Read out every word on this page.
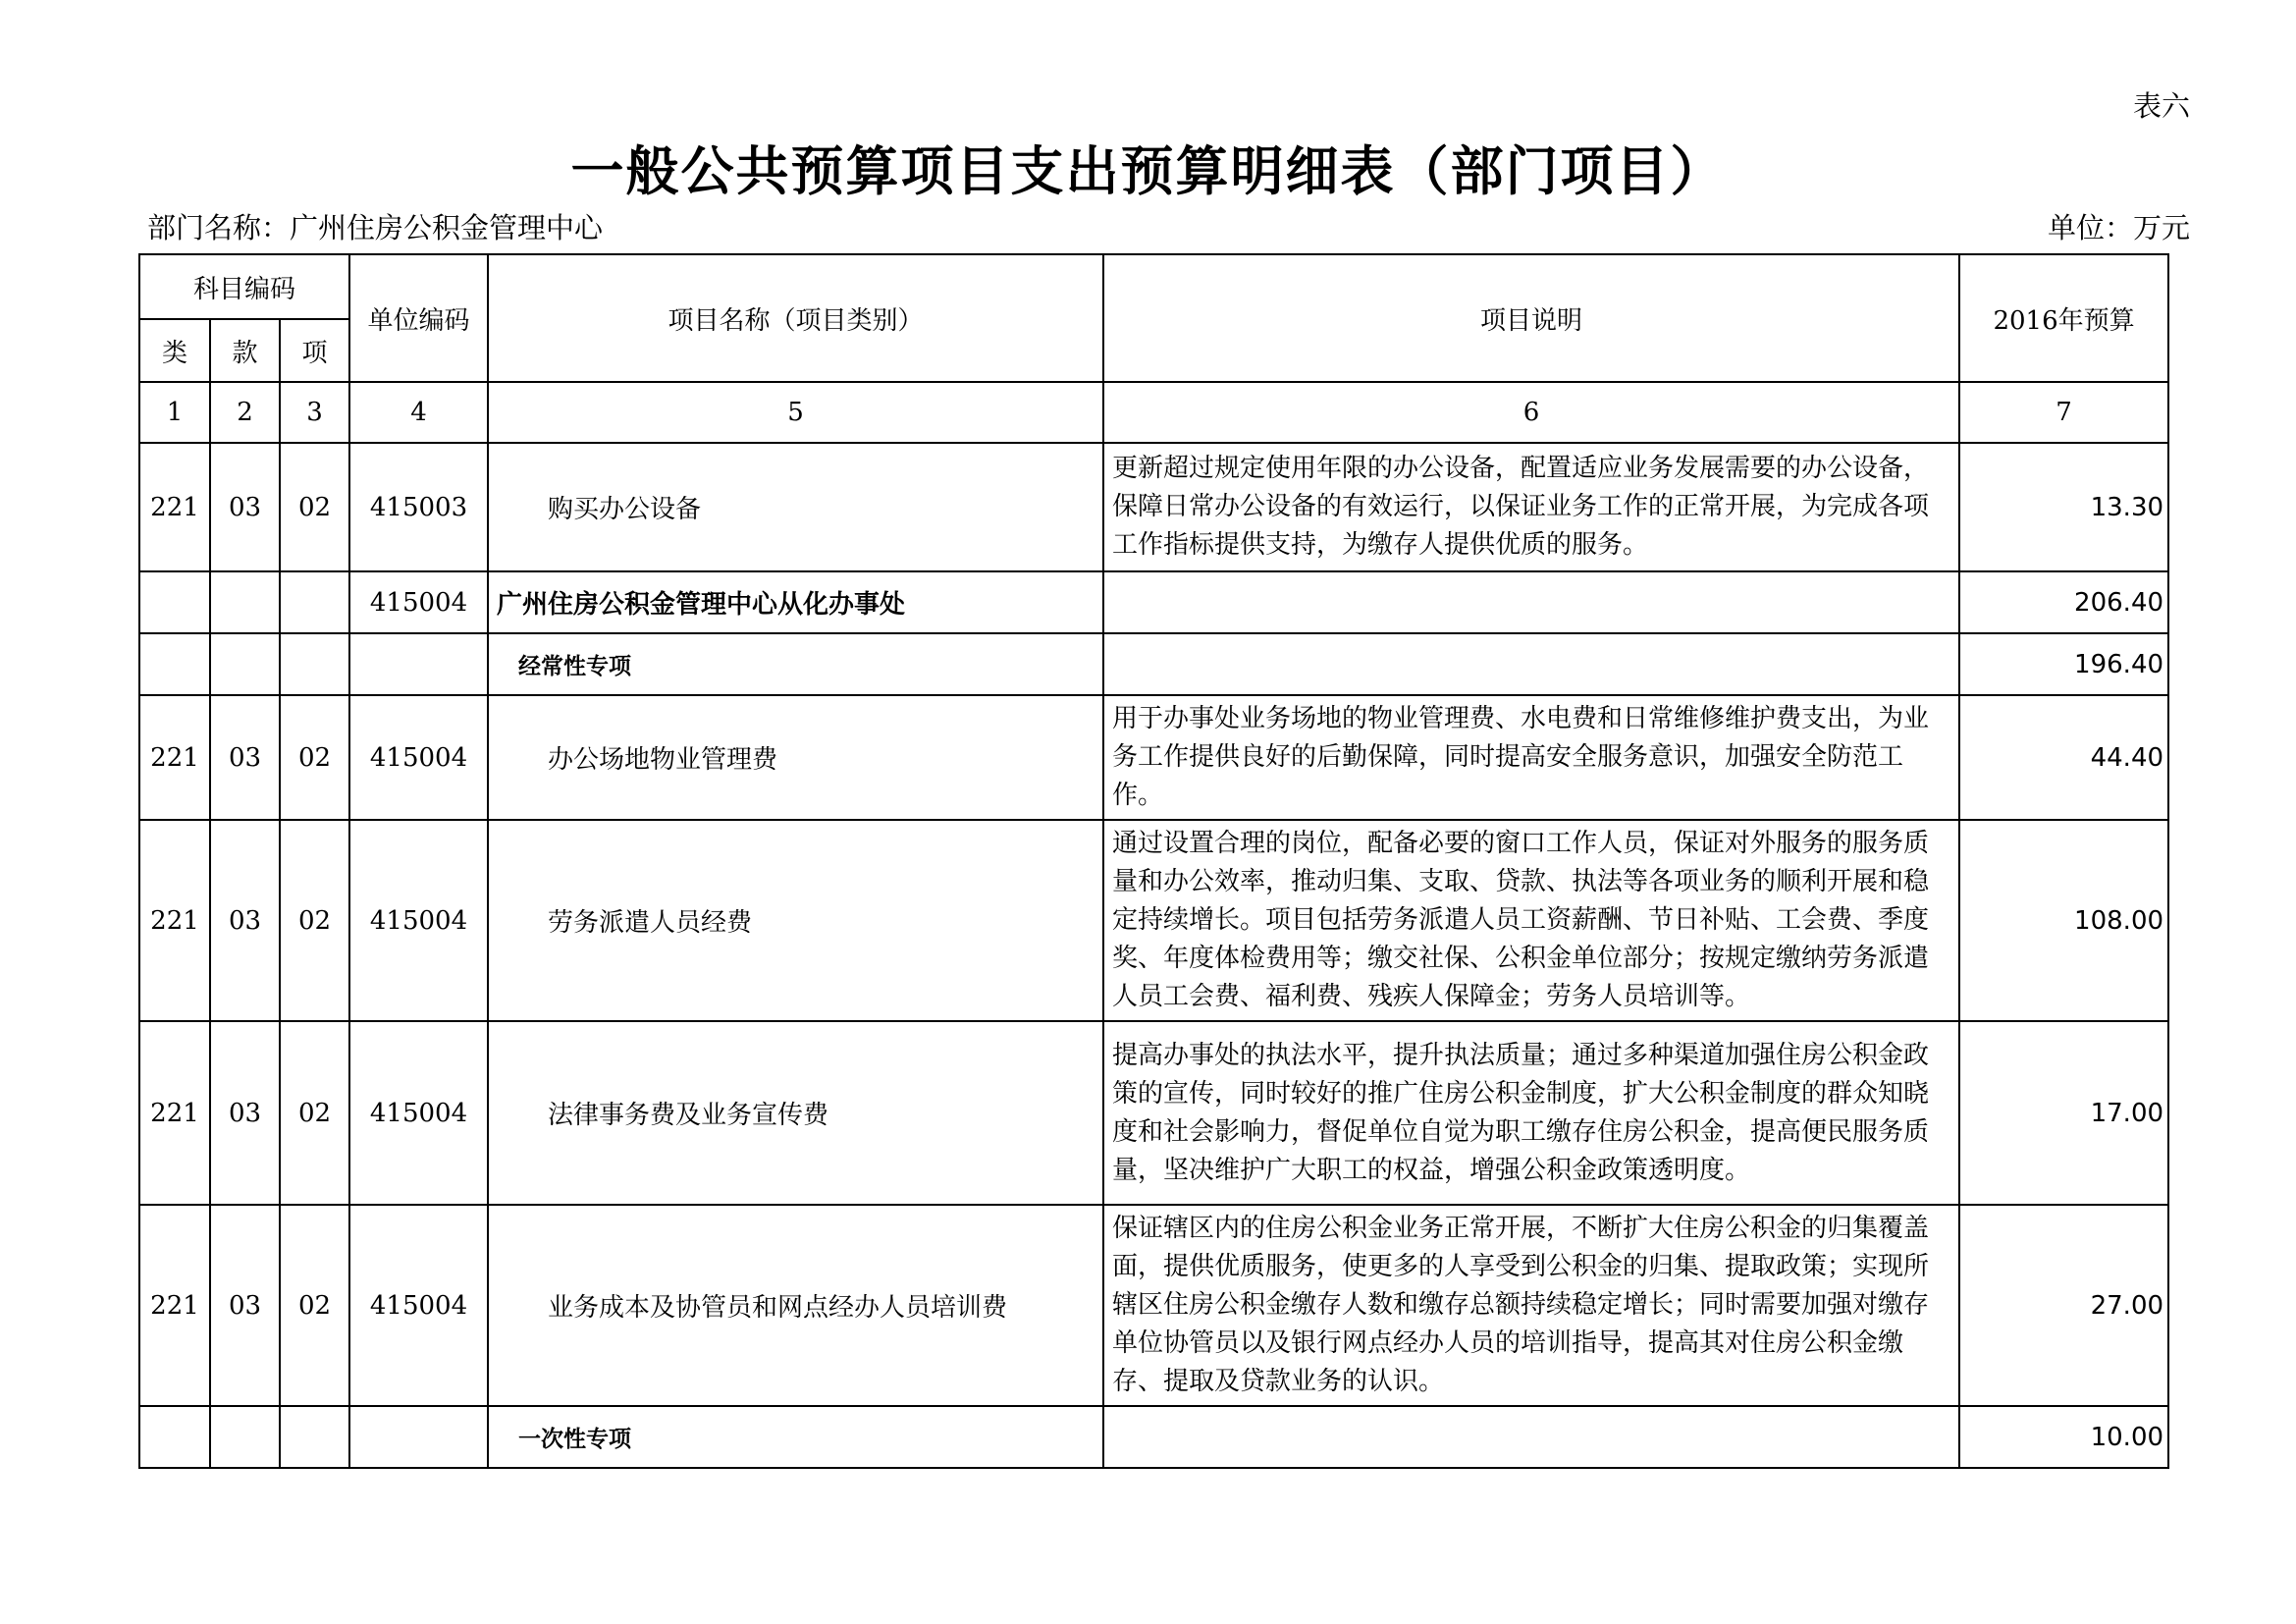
表六
一般公共预算项目支出预算明细表（部门项目）
部门名称：广州住房公积金管理中心	单位：万元
科目编码			单位编码	项目名称（项目类别）	项目说明	2016年预算
类	款	项				
1	2	3	4	5	6	7
221	03	02	415003	购买办公设备	更新超过规定使用年限的办公设备，配置适应业务发展需要的办公设备，保障日常办公设备的有效运行，以保证业务工作的正常开展，为完成各项工作指标提供支持，为缴存人提供优质的服务。	13.30
			415004	广州住房公积金管理中心从化办事处		206.40
				经常性专项		196.40
221	03	02	415004	办公场地物业管理费	用于办事处业务场地的物业管理费、水电费和日常维修维护费支出，为业务工作提供良好的后勤保障，同时提高安全服务意识，加强安全防范工作。	44.40
221	03	02	415004	劳务派遣人员经费	通过设置合理的岗位，配备必要的窗口工作人员，保证对外服务的服务质量和办公效率，推动归集、支取、贷款、执法等各项业务的顺利开展和稳定持续增长。项目包括劳务派遣人员工资薪酬、节日补贴、工会费、季度奖、年度体检费用等；缴交社保、公积金单位部分；按规定缴纳劳务派遣人员工会费、福利费、残疾人保障金；劳务人员培训等。	108.00
221	03	02	415004	法律事务费及业务宣传费	提高办事处的执法水平，提升执法质量；通过多种渠道加强住房公积金政策的宣传，同时较好的推广住房公积金制度，扩大公积金制度的群众知晓度和社会影响力，督促单位自觉为职工缴存住房公积金，提高便民服务质量，坚决维护广大职工的权益，增强公积金政策透明度。	17.00
221	03	02	415004	业务成本及协管员和网点经办人员培训费	保证辖区内的住房公积金业务正常开展，不断扩大住房公积金的归集覆盖面，提供优质服务，使更多的人享受到公积金的归集、提取政策；实现所辖区住房公积金缴存人数和缴存总额持续稳定增长；同时需要加强对缴存单位协管员以及银行网点经办人员的培训指导，提高其对住房公积金缴存、提取及贷款业务的认识。	27.00
				一次性专项		10.00
